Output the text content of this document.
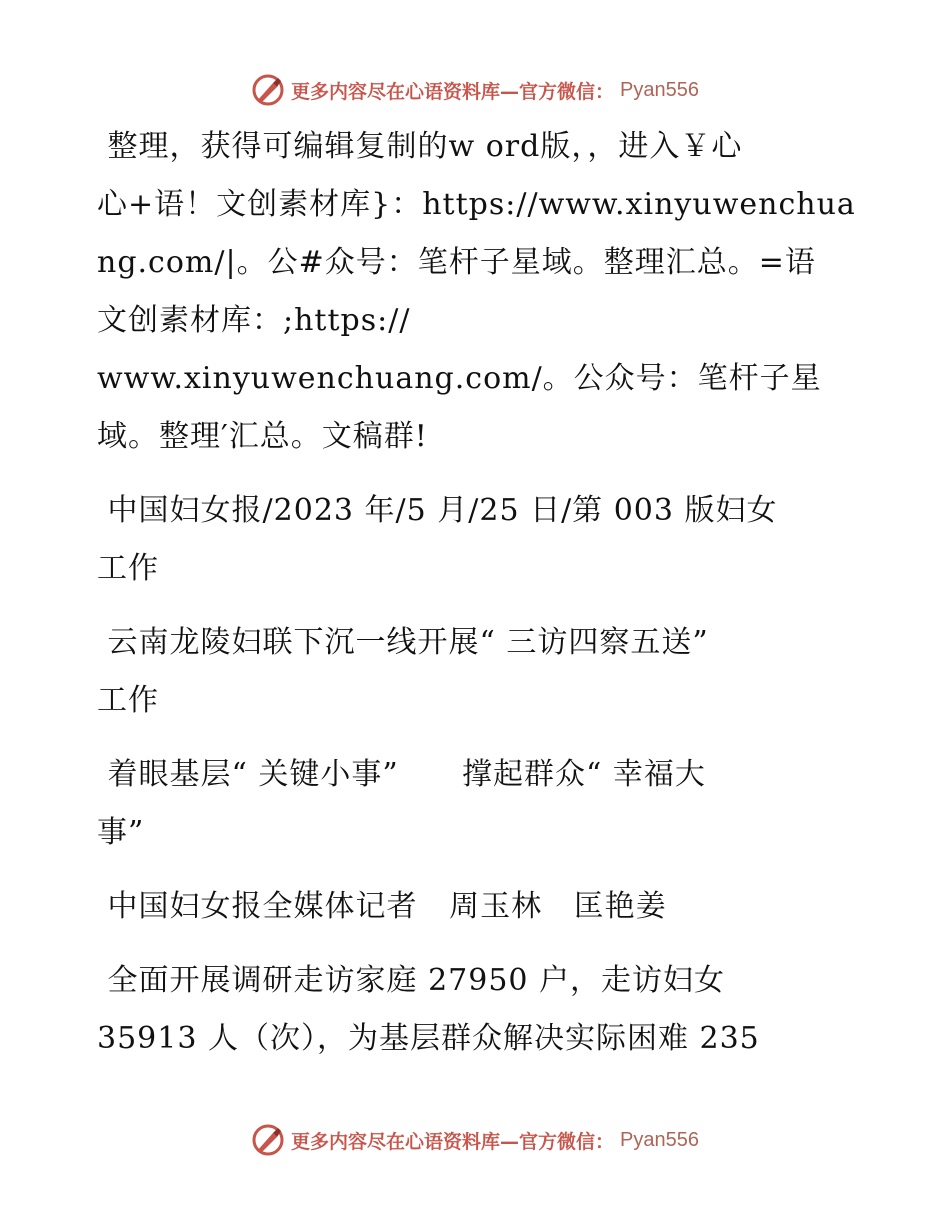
更多内容尽在心语资料库—官方微信： Pyan556
整理，获得可编辑复制的w ord版，，进入￥心
心+语！文创素材库}：https://www.xinyuwenchua
ng.com/|。公#众号：笔杆子星域。整理汇总。=语
文创素材库：;https://
www.xinyuwenchuang.com/。公众号：笔杆子星
域。整理′汇总。文稿群!
中国妇女报/2023 年/5 月/25 日/第 003 版妇女
工作
云南龙陵妇联下沉一线开展“ 三访四察五送”
工作
着眼基层“ 关键小事”      撑起群众“ 幸福大
事”
中国妇女报全媒体记者   周玉林   匡艳姜
全面开展调研走访家庭 27950 户，走访妇女
35913 人（次），为基层群众解决实际困难 235
更多内容尽在心语资料库—官方微信： Pyan556
